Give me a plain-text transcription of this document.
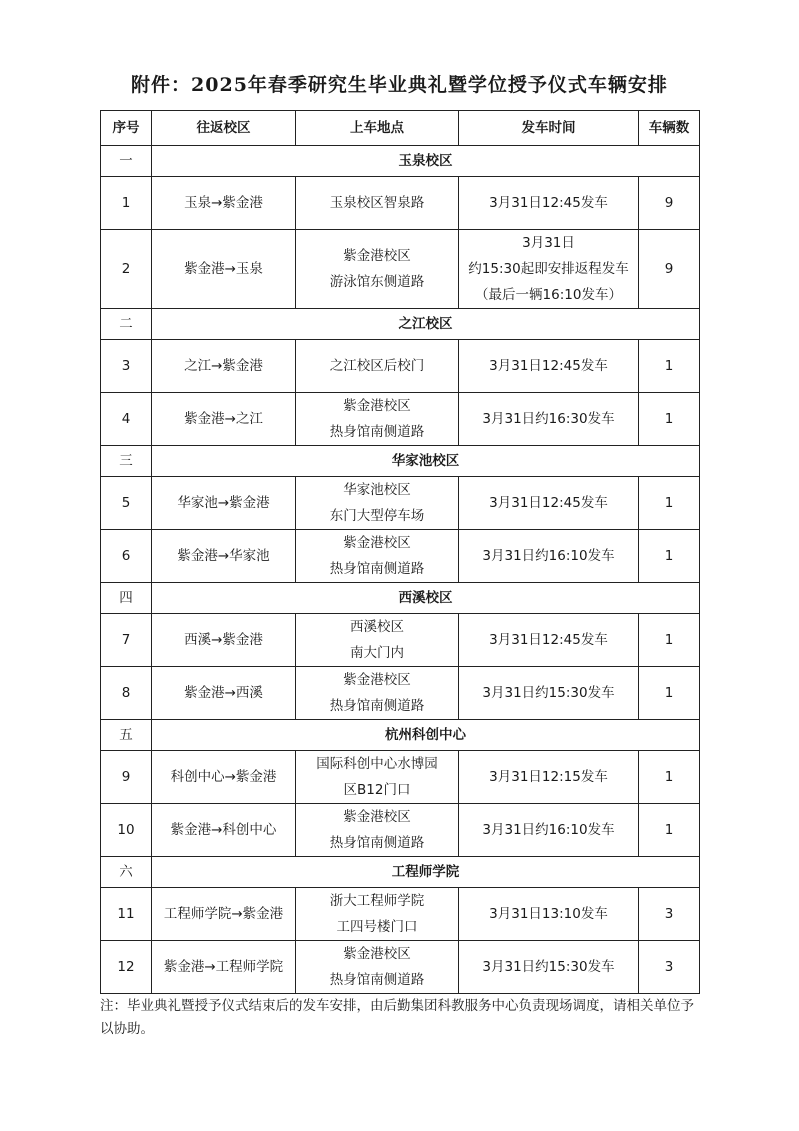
附件：2025年春季研究生毕业典礼暨学位授予仪式车辆安排
序号	往返校区	上车地点	发车时间	车辆数
一	玉泉校区			
1	玉泉→紫金港	玉泉校区智泉路	3月31日12:45发车	9
2	紫金港→玉泉	紫金港校区
游泳馆东侧道路	3月31日
约15:30起即安排返程发车
（最后一辆16:10发车）	9
二	之江校区			
3	之江→紫金港	之江校区后校门	3月31日12:45发车	1
4	紫金港→之江	紫金港校区
热身馆南侧道路	3月31日约16:30发车	1
三	华家池校区			
5	华家池→紫金港	华家池校区
东门大型停车场	3月31日12:45发车	1
6	紫金港→华家池	紫金港校区
热身馆南侧道路	3月31日约16:10发车	1
四	西溪校区			
7	西溪→紫金港	西溪校区
南大门内	3月31日12:45发车	1
8	紫金港→西溪	紫金港校区
热身馆南侧道路	3月31日约15:30发车	1
五	杭州科创中心			
9	科创中心→紫金港	国际科创中心水博园
区B12门口	3月31日12:15发车	1
10	紫金港→科创中心	紫金港校区
热身馆南侧道路	3月31日约16:10发车	1
六	工程师学院			
11	工程师学院→紫金港	浙大工程师学院
工四号楼门口	3月31日13:10发车	3
12	紫金港→工程师学院	紫金港校区
热身馆南侧道路	3月31日约15:30发车	3
注：毕业典礼暨授予仪式结束后的发车安排，由后勤集团科教服务中心负责现场调度，请相关单位予以协助。
